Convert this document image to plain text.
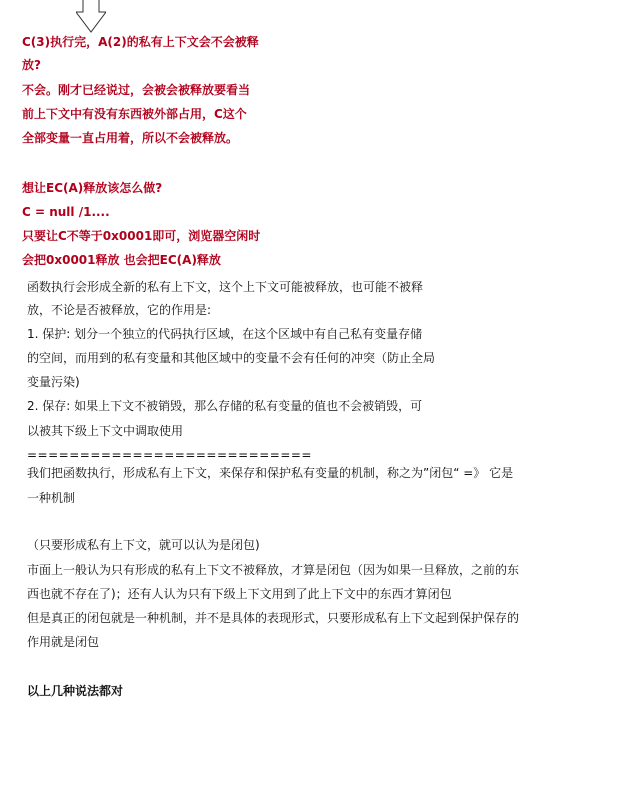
C(3)执行完，A(2)的私有上下文会不会被释
放?
不会。刚才已经说过，会被会被释放要看当
前上下文中有没有东西被外部占用，C这个
全部变量一直占用着，所以不会被释放。
想让EC(A)释放该怎么做?
C = null /1....
只要让C不等于0x0001即可，浏览器空闲时
会把0x0001释放 也会把EC(A)释放
函数执行会形成全新的私有上下文，这个上下文可能被释放，也可能不被释
放，不论是否被释放，它的作用是:
1. 保护: 划分一个独立的代码执行区域，在这个区域中有自己私有变量存储
的空间，而用到的私有变量和其他区域中的变量不会有任何的冲突（防止全局
变量污染)
2. 保存: 如果上下文不被销毁，那么存储的私有变量的值也不会被销毁，可
以被其下级上下文中调取使用
===========================
我们把函数执行，形成私有上下文，来保存和保护私有变量的机制，称之为”闭包“ =》 它是
一种机制
（只要形成私有上下文，就可以认为是闭包)
市面上一般认为只有形成的私有上下文不被释放，才算是闭包（因为如果一旦释放，之前的东
西也就不存在了)；还有人认为只有下级上下文用到了此上下文中的东西才算闭包
但是真正的闭包就是一种机制，并不是具体的表现形式，只要形成私有上下文起到保护保存的
作用就是闭包
以上几种说法都对
